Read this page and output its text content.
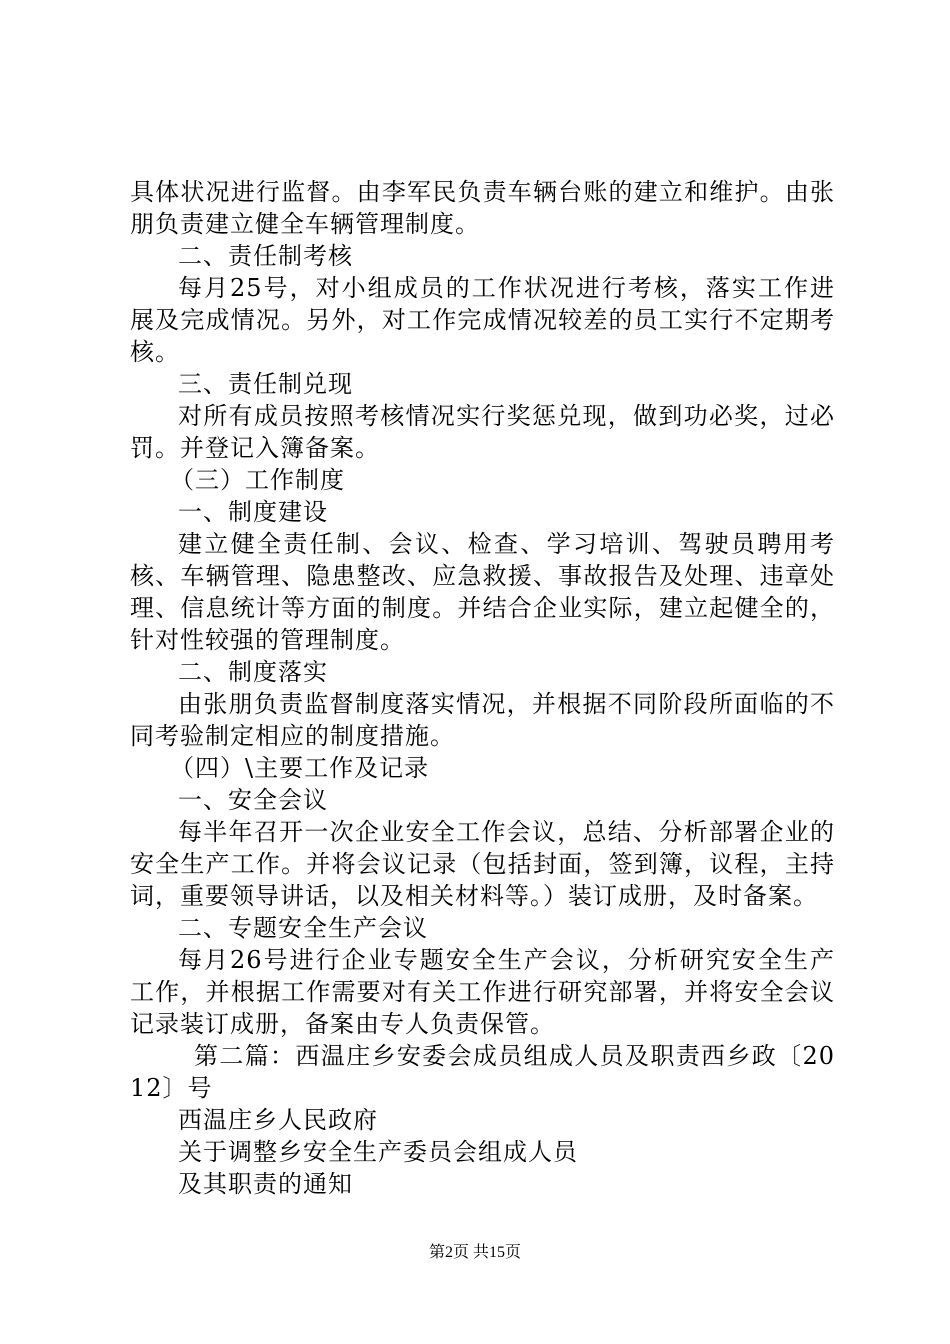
具体状况进行监督。由李军民负责车辆台账的建立和维护。由张朋负责建立健全车辆管理制度。

二、责任制考核

每月25号，对小组成员的工作状况进行考核，落实工作进展及完成情况。另外，对工作完成情况较差的员工实行不定期考核。

三、责任制兑现

对所有成员按照考核情况实行奖惩兑现，做到功必奖，过必罚。并登记入簿备案。

（三）工作制度

一、制度建设

建立健全责任制、会议、检查、学习培训、驾驶员聘用考核、车辆管理、隐患整改、应急救援、事故报告及处理、违章处理、信息统计等方面的制度。并结合企业实际，建立起健全的，针对性较强的管理制度。

二、制度落实

由张朋负责监督制度落实情况，并根据不同阶段所面临的不同考验制定相应的制度措施。

（四）\主要工作及记录

一、安全会议

每半年召开一次企业安全工作会议，总结、分析部署企业的安全生产工作。并将会议记录（包括封面，签到簿，议程，主持词，重要领导讲话，以及相关材料等。）装订成册，及时备案。

二、专题安全生产会议

每月26号进行企业专题安全生产会议，分析研究安全生产工作，并根据工作需要对有关工作进行研究部署，并将安全会议记录装订成册，备案由专人负责保管。

第二篇：西温庄乡安委会成员组成人员及职责西乡政〔2012〕号

西温庄乡人民政府

关于调整乡安全生产委员会组成人员

及其职责的通知

第2页 共15页
